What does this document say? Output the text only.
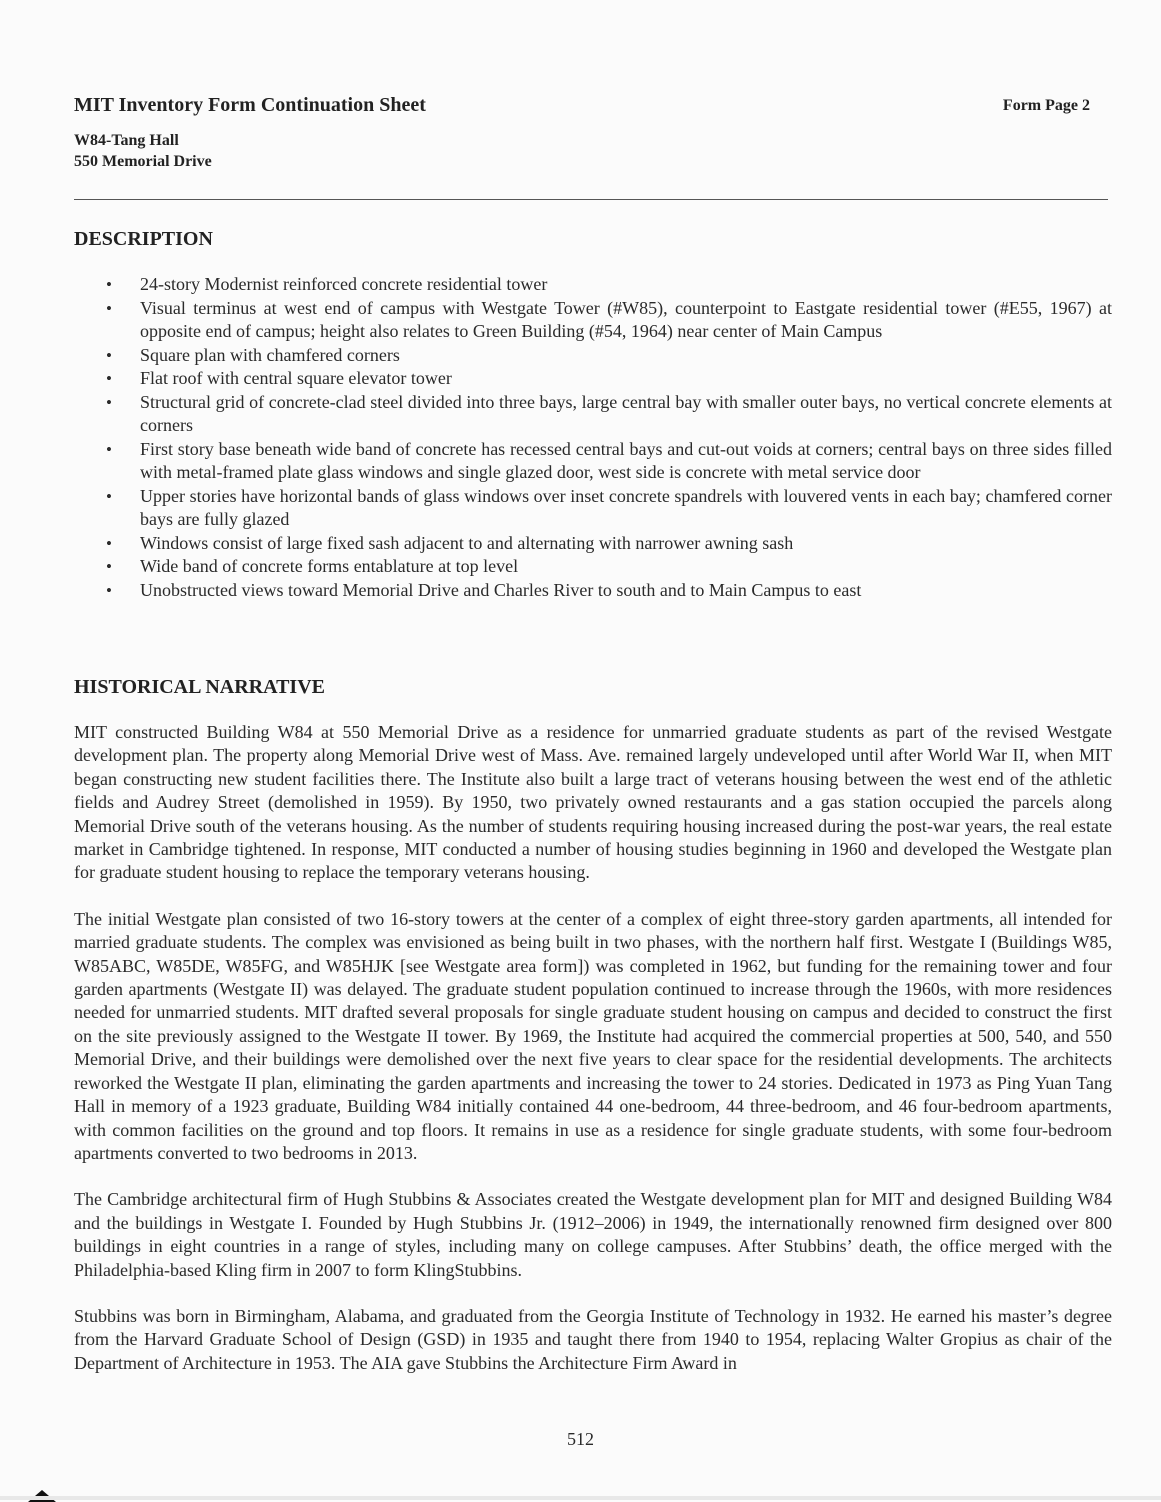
MIT Inventory Form Continuation Sheet	Form Page 2
W84-Tang Hall
550 Memorial Drive
DESCRIPTION
• 24-story Modernist reinforced concrete residential tower
• Visual terminus at west end of campus with Westgate Tower (#W85), counterpoint to Eastgate residential tower (#E55, 1967) at opposite end of campus; height also relates to Green Building (#54, 1964) near center of Main Campus
• Square plan with chamfered corners
• Flat roof with central square elevator tower
• Structural grid of concrete-clad steel divided into three bays, large central bay with smaller outer bays, no vertical concrete elements at corners
• First story base beneath wide band of concrete has recessed central bays and cut-out voids at corners; central bays on three sides filled with metal-framed plate glass windows and single glazed door, west side is concrete with metal service door
• Upper stories have horizontal bands of glass windows over inset concrete spandrels with louvered vents in each bay; chamfered corner bays are fully glazed
• Windows consist of large fixed sash adjacent to and alternating with narrower awning sash
• Wide band of concrete forms entablature at top level
• Unobstructed views toward Memorial Drive and Charles River to south and to Main Campus to east
HISTORICAL NARRATIVE

MIT constructed Building W84 at 550 Memorial Drive as a residence for unmarried graduate students as part of the revised Westgate development plan. The property along Memorial Drive west of Mass. Ave. remained largely undeveloped until after World War II, when MIT began constructing new student facilities there. The Institute also built a large tract of veterans housing between the west end of the athletic fields and Audrey Street (demolished in 1959). By 1950, two privately owned restaurants and a gas station occupied the parcels along Memorial Drive south of the veterans housing. As the number of students requiring housing increased during the post-war years, the real estate market in Cambridge tightened. In response, MIT conducted a number of housing studies beginning in 1960 and developed the Westgate plan for graduate student housing to replace the temporary veterans housing.

The initial Westgate plan consisted of two 16-story towers at the center of a complex of eight three-story garden apartments, all intended for married graduate students. The complex was envisioned as being built in two phases, with the northern half first. Westgate I (Buildings W85, W85ABC, W85DE, W85FG, and W85HJK [see Westgate area form]) was completed in 1962, but funding for the remaining tower and four garden apartments (Westgate II) was delayed. The graduate student population continued to increase through the 1960s, with more residences needed for unmarried students. MIT drafted several proposals for single graduate student housing on campus and decided to construct the first on the site previously assigned to the Westgate II tower. By 1969, the Institute had acquired the commercial properties at 500, 540, and 550 Memorial Drive, and their buildings were demolished over the next five years to clear space for the residential developments. The architects reworked the Westgate II plan, eliminating the garden apartments and increasing the tower to 24 stories. Dedicated in 1973 as Ping Yuan Tang Hall in memory of a 1923 graduate, Building W84 initially contained 44 one-bedroom, 44 three-bedroom, and 46 four-bedroom apartments, with common facilities on the ground and top floors. It remains in use as a residence for single graduate students, with some four-bedroom apartments converted to two bedrooms in 2013.

The Cambridge architectural firm of Hugh Stubbins & Associates created the Westgate development plan for MIT and designed Building W84 and the buildings in Westgate I. Founded by Hugh Stubbins Jr. (1912–2006) in 1949, the internationally renowned firm designed over 800 buildings in eight countries in a range of styles, including many on college campuses. After Stubbins’ death, the office merged with the Philadelphia-based Kling firm in 2007 to form KlingStubbins.

Stubbins was born in Birmingham, Alabama, and graduated from the Georgia Institute of Technology in 1932. He earned his master’s degree from the Harvard Graduate School of Design (GSD) in 1935 and taught there from 1940 to 1954, replacing Walter Gropius as chair of the Department of Architecture in 1953. The AIA gave Stubbins the Architecture Firm Award in

512
